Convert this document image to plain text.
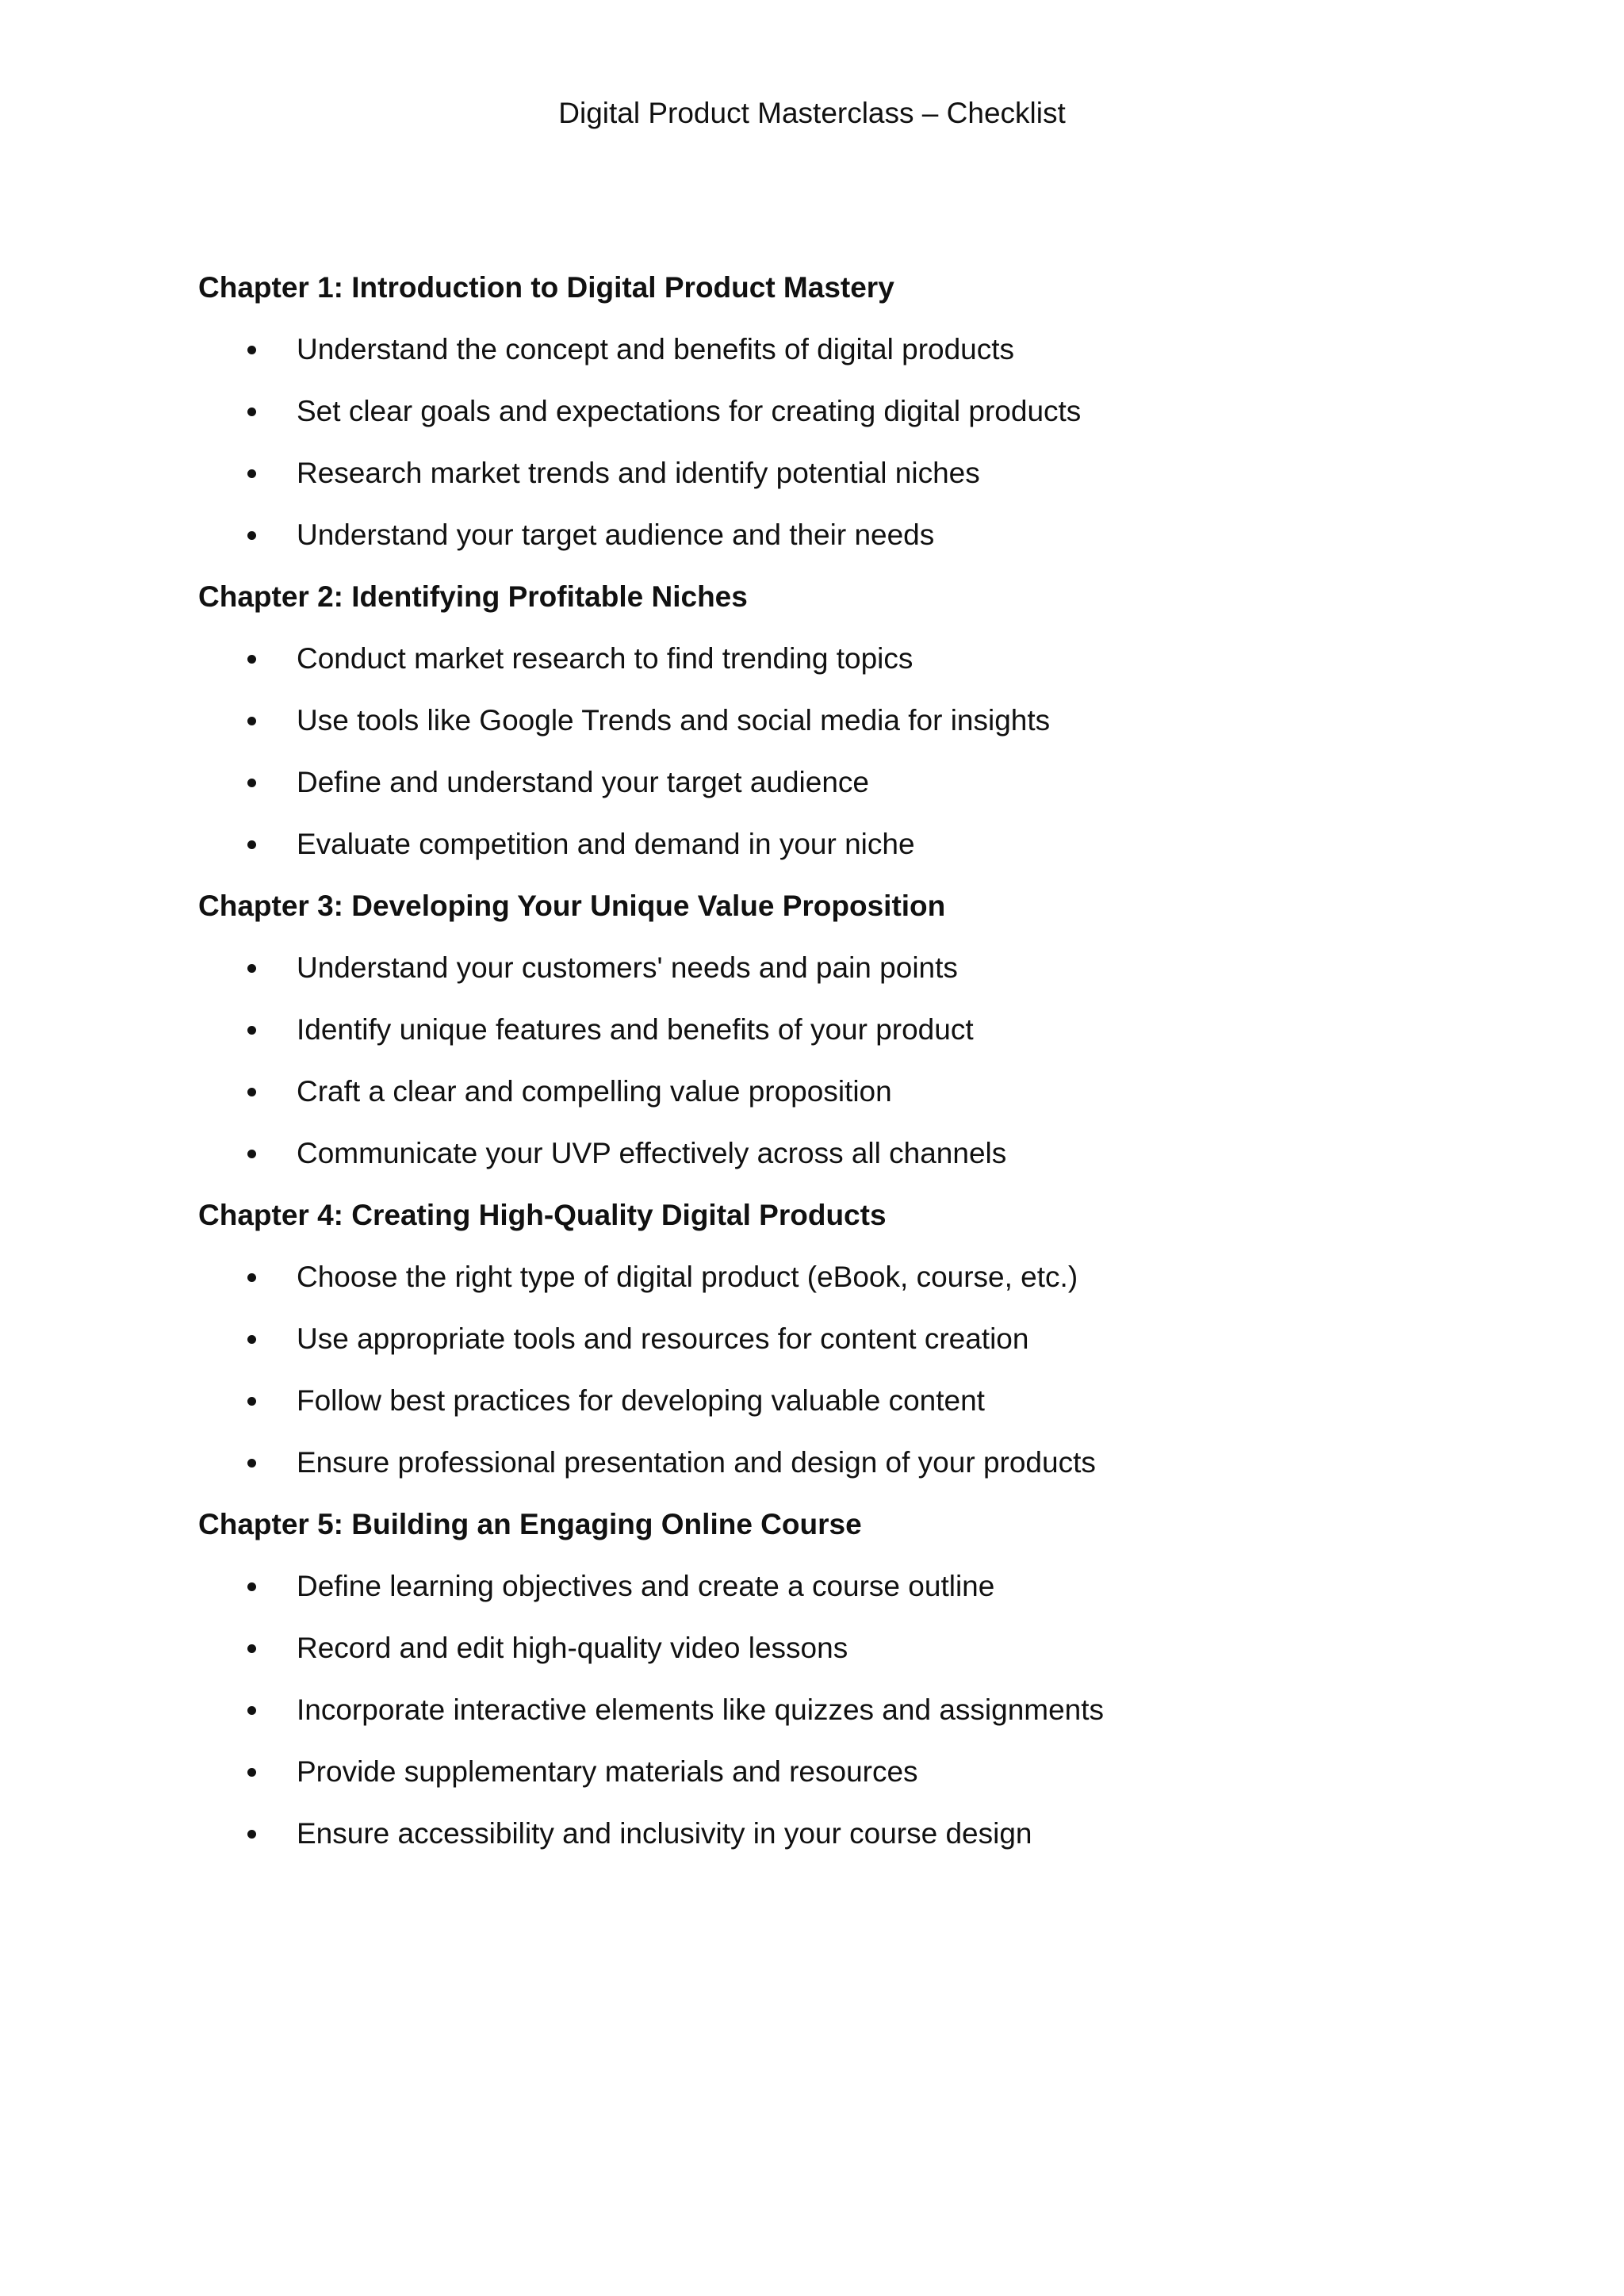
Digital Product Masterclass – Checklist
Chapter 1: Introduction to Digital Product Mastery
Understand the concept and benefits of digital products
Set clear goals and expectations for creating digital products
Research market trends and identify potential niches
Understand your target audience and their needs
Chapter 2: Identifying Profitable Niches
Conduct market research to find trending topics
Use tools like Google Trends and social media for insights
Define and understand your target audience
Evaluate competition and demand in your niche
Chapter 3: Developing Your Unique Value Proposition
Understand your customers' needs and pain points
Identify unique features and benefits of your product
Craft a clear and compelling value proposition
Communicate your UVP effectively across all channels
Chapter 4: Creating High-Quality Digital Products
Choose the right type of digital product (eBook, course, etc.)
Use appropriate tools and resources for content creation
Follow best practices for developing valuable content
Ensure professional presentation and design of your products
Chapter 5: Building an Engaging Online Course
Define learning objectives and create a course outline
Record and edit high-quality video lessons
Incorporate interactive elements like quizzes and assignments
Provide supplementary materials and resources
Ensure accessibility and inclusivity in your course design
